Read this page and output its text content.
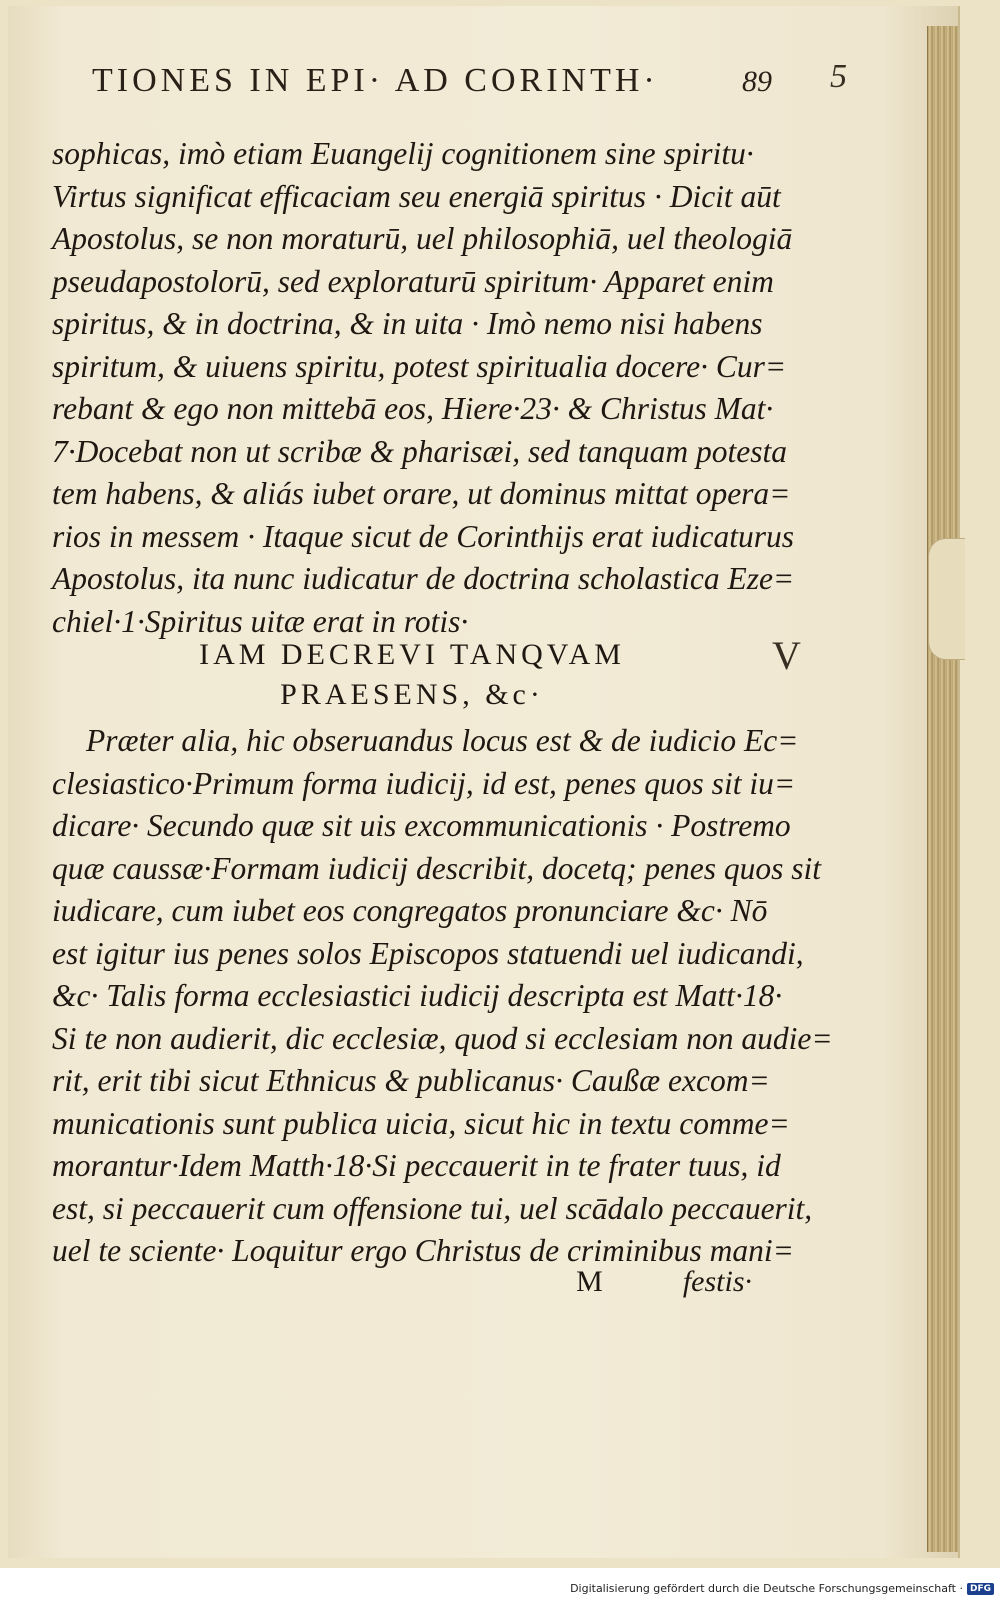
TIONES IN EPI· AD CORINTH·	89 5
V
sophicas, imò etiam Euangelij cognitionem sine spiritu·
Virtus significat efficaciam seu energiā spiritus · Dicit aūt
Apostolus, se non moraturū, uel philosophiā, uel theologiā
pseudapostolorū, sed exploraturū spiritum· Apparet enim
spiritus, & in doctrina, & in uita · Imò nemo nisi habens
spiritum, & uiuens spiritu, potest spiritualia docere· Cur=
rebant & ego non mittebā eos, Hiere·23· & Christus Mat·
7·Docebat non ut scribæ & pharisæi, sed tanquam potesta
tem habens, & aliás iubet orare, ut dominus mittat opera=
rios in messem · Itaque sicut de Corinthijs erat iudicaturus
Apostolus, ita nunc iudicatur de doctrina scholastica Eze=
chiel·1·Spiritus uitæ erat in rotis·
IAM DECREVI TANQVAM
PRAESENS, &c·
Præter alia, hic obseruandus locus est & de iudicio Ec=
clesiastico·Primum forma iudicij, id est, penes quos sit iu=
dicare· Secundo quæ sit uis excommunicationis · Postremo
quæ caussæ·Formam iudicij describit, docetq; penes quos sit
iudicare, cum iubet eos congregatos pronunciare &c· Nō
est igitur ius penes solos Episcopos statuendi uel iudicandi,
&c· Talis forma ecclesiastici iudicij descripta est Matt·18·
Si te non audierit, dic ecclesiæ, quod si ecclesiam non audie=
rit, erit tibi sicut Ethnicus & publicanus· Caußæ excom=
municationis sunt publica uicia, sicut hic in textu comme=
morantur·Idem Matth·18·Si peccauerit in te frater tuus, id
est, si peccauerit cum offensione tui, uel scādalo peccauerit,
uel te sciente· Loquitur ergo Christus de criminibus mani=
M	festis·
Digitalisierung gefördert durch die Deutsche Forschungsgemeinschaft · DFG
